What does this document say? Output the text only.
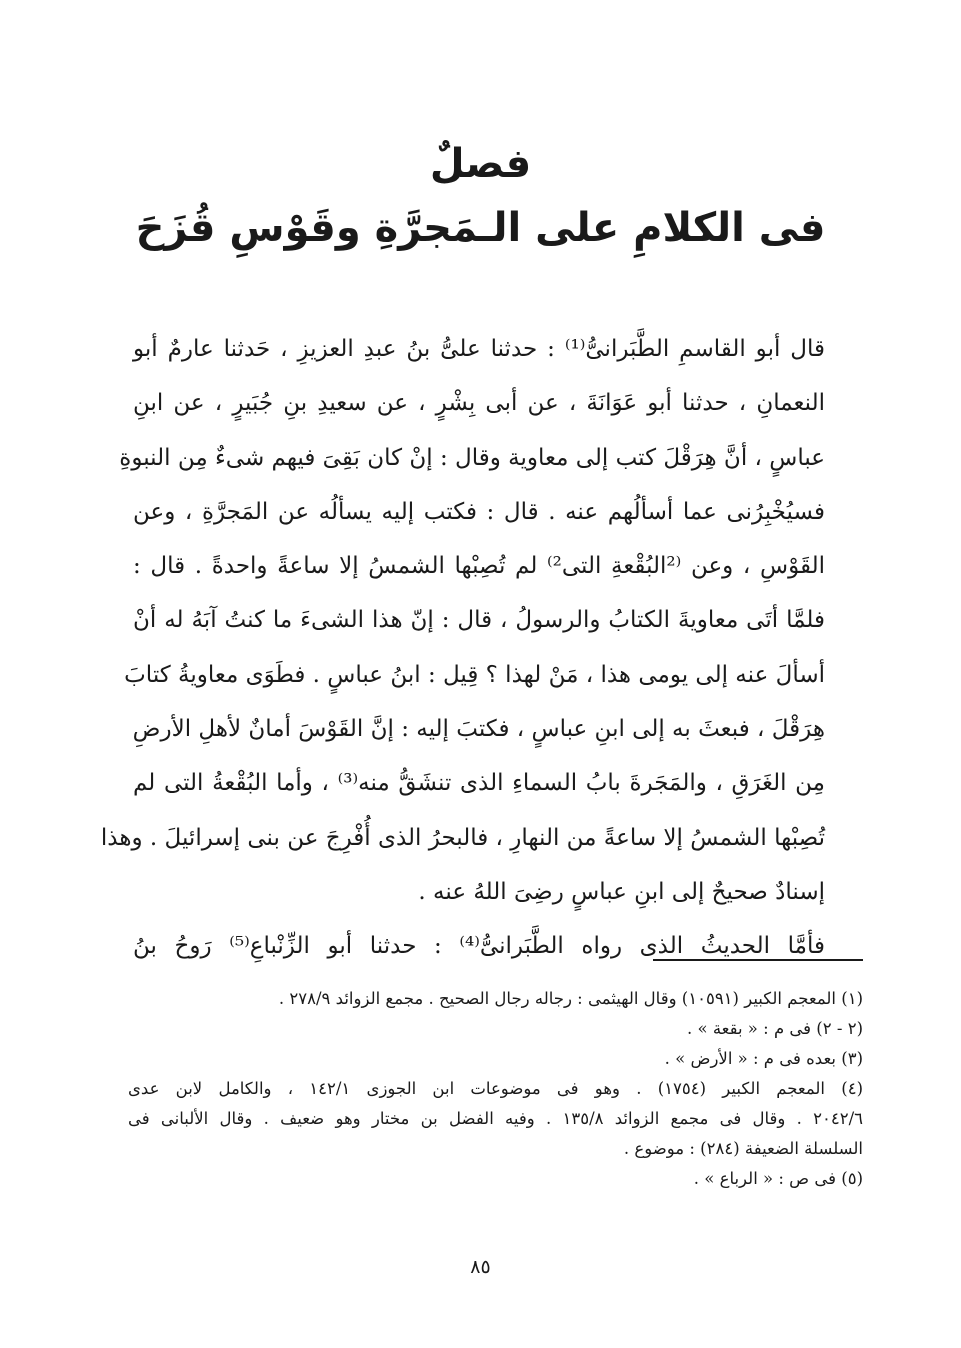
فصلٌ
فى الكلامِ على الـمَجرَّةِ وقَوْسِ قُزَحَ

قال أبو القاسمِ الطَّبَرانىُّ⁽¹⁾ : حدثنا علىُّ بنُ عبدِ العزيزِ ، حَدثنا عارمٌ أبو
النعمانِ ، حدثنا أبو عَوَانَةَ ، عن أبى بِشْرٍ ، عن سعيدِ بنِ جُبَيرٍ ، عن ابنِ
عباسٍ ، أنَّ هِرَقْلَ كتب إلى معاوية وقال : إنْ كان بَقِىَ فيهم شىءٌ مِن النبوةِ
فسيُخْبِرُنى عما أسألُهم عنه . قال : فكتب إليه يسألُه عن المَجرَّةِ ، وعن
القَوْسِ ، وعن ⁽²البُقْعةِ التى²⁾ لم تُصِبْها الشمسُ إلا ساعةً واحدةً . قال :
فلمَّا أتَى معاويةَ الكتابُ والرسولُ ، قال : إنّ هذا الشىءَ ما كنتُ آبَهُ له أنْ
أسألَ عنه إلى يومى هذا ، مَنْ لهذا ؟ قِيل : ابنُ عباسٍ . فطَوَى معاويةُ كتابَ
هِرَقْلَ ، فبعثَ به إلى ابنِ عباسٍ ، فكتبَ إليه : إنَّ القَوْسَ أمانٌ لأهلِ الأرضِ
مِن الغَرَقِ ، والمَجَرةَ بابُ السماءِ الذى تنشَقُّ منه⁽³⁾ ، وأما البُقْعةُ التى لم
تُصِبْها الشمسُ إلا ساعةً من النهارِ ، فالبحرُ الذى أُفْرِجَ عن بنى إسرائيلَ . وهذا
إسنادٌ صحيحٌ إلى ابنِ عباسٍ رضِىَ اللهُ عنه .

فأمَّا الحديثُ الذى رواه الطَّبَرانىُّ⁽⁴⁾ : حدثنا أبو الزِّنْباعِ⁽⁵⁾ رَوحُ بنُ

(١) المعجم الكبير (١٠٥٩١) وقال الهيثمى : رجاله رجال الصحيح . مجمع الزوائد ٢٧٨/٩ .
(٢ - ٢) فى م : « بقعة » .
(٣) بعده فى م : « الأرض » .
(٤) المعجم الكبير (١٧٥٤) . وهو فى موضوعات ابن الجوزى ١٤٢/١ ، والكامل لابن عدى
٢٠٤٢/٦ . وقال فى مجمع الزوائد ١٣٥/٨ . وفيه الفضل بن مختار وهو ضعيف . وقال الألبانى فى
السلسلة الضعيفة (٢٨٤) : موضوع .
(٥) فى ص : « الرباع » .
٨٥
